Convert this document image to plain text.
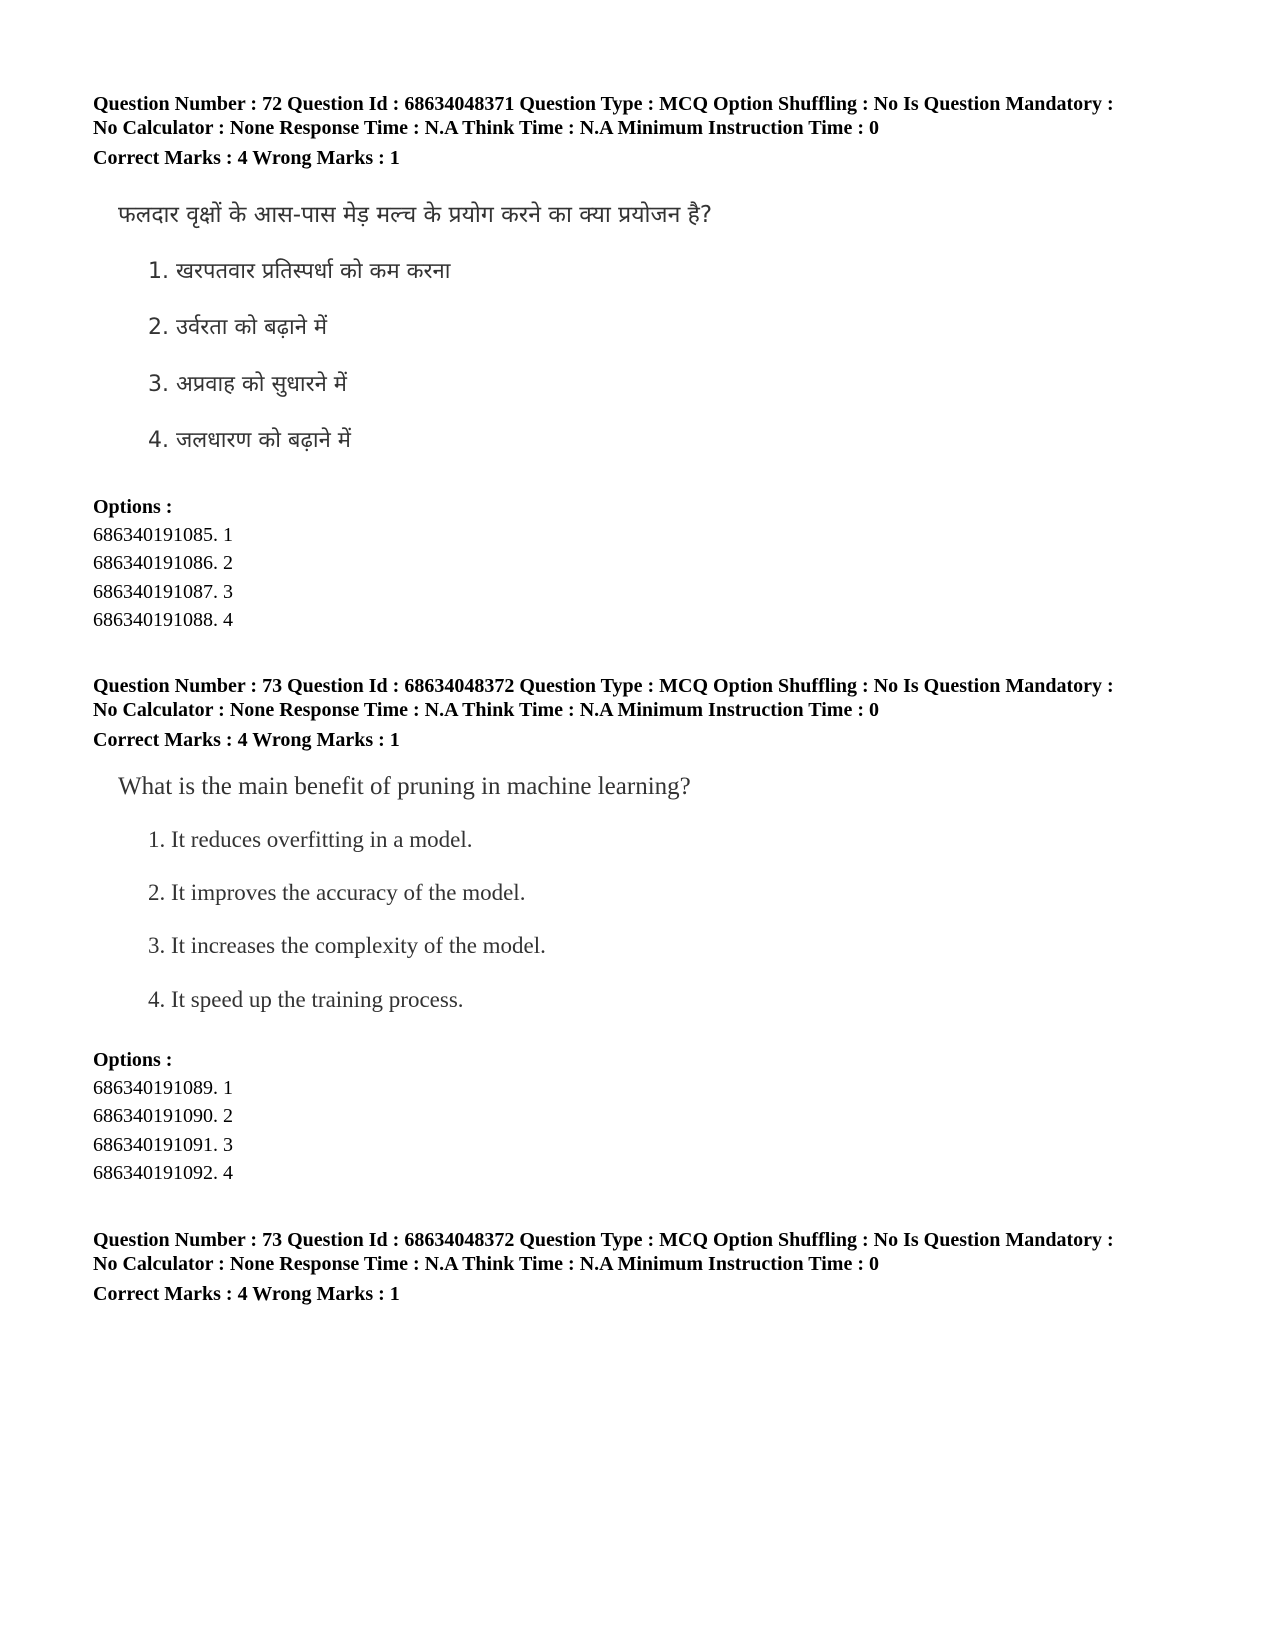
Question Number : 72 Question Id : 68634048371 Question Type : MCQ Option Shuffling : No Is Question Mandatory :
No Calculator : None Response Time : N.A Think Time : N.A Minimum Instruction Time : 0
Correct Marks : 4 Wrong Marks : 1
फलदार वृक्षों के आस-पास मेड़ मल्च के प्रयोग करने का क्या प्रयोजन है?
1. खरपतवार प्रतिस्पर्धा को कम करना
2. उर्वरता को बढ़ाने में
3. अप्रवाह को सुधारने में
4. जलधारण को बढ़ाने में
Options :
686340191085. 1
686340191086. 2
686340191087. 3
686340191088. 4
Question Number : 73 Question Id : 68634048372 Question Type : MCQ Option Shuffling : No Is Question Mandatory :
No Calculator : None Response Time : N.A Think Time : N.A Minimum Instruction Time : 0
Correct Marks : 4 Wrong Marks : 1
What is the main benefit of pruning in machine learning?
1. It reduces overfitting in a model.
2. It improves the accuracy of the model.
3. It increases the complexity of the model.
4. It speed up the training process.
Options :
686340191089. 1
686340191090. 2
686340191091. 3
686340191092. 4
Question Number : 73 Question Id : 68634048372 Question Type : MCQ Option Shuffling : No Is Question Mandatory :
No Calculator : None Response Time : N.A Think Time : N.A Minimum Instruction Time : 0
Correct Marks : 4 Wrong Marks : 1
